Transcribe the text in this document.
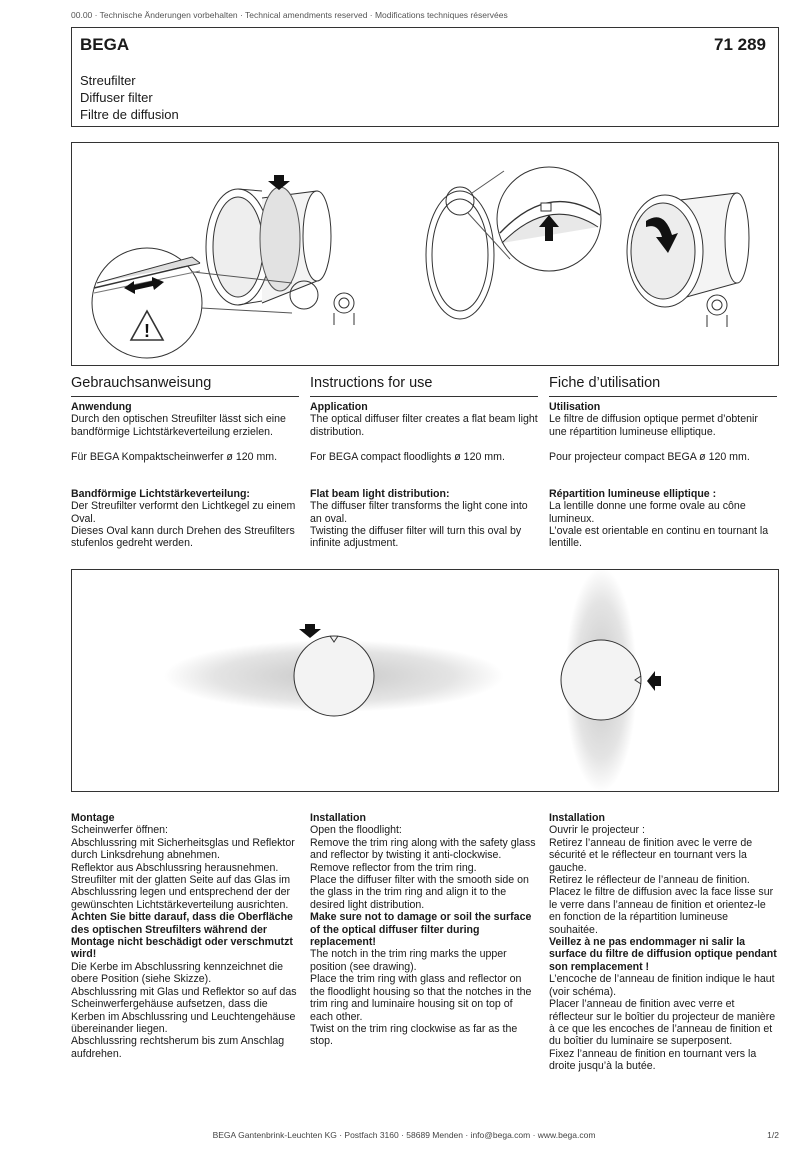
00.00 · Technische Änderungen vorbehalten · Technical amendments reserved · Modifications techniques réservées
BEGA	71 289
Streufilter
Diffuser filter
Filtre de diffusion
!
Gebrauchsanweisung
Anwendung

Durch den optischen Streufilter lässt sich eine bandförmige Lichtstärkeverteilung erzielen.

Für BEGA Kompaktscheinwerfer ø 120 mm.

Bandförmige Lichtstärkeverteilung:

Der Streufilter verformt den Lichtkegel zu einem Oval.

Dieses Oval kann durch Drehen des Streufilters stufenlos gedreht werden.

Instructions for use
Application

The optical diffuser filter creates a flat beam light distribution.

For BEGA compact floodlights ø 120 mm.

Flat beam light distribution:

The diffuser filter transforms the light cone into an oval.

Twisting the diffuser filter will turn this oval by infinite adjustment.

Fiche d’utilisation
Utilisation

Le filtre de diffusion optique permet d’obtenir une répartition lumineuse elliptique.

Pour projecteur compact BEGA ø 120 mm.

Répartition lumineuse elliptique :

La lentille donne une forme ovale au cône lumineux.

L’ovale est orientable en continu en tournant la lentille.

Montage

Scheinwerfer öffnen:

Abschlussring mit Sicherheitsglas und Reflektor durch Linksdrehung abnehmen.

Reflektor aus Abschlussring herausnehmen.

Streufilter mit der glatten Seite auf das Glas im Abschlussring legen und entsprechend der der gewünschten Lichtstärkeverteilung ausrichten.

Achten Sie bitte darauf, dass die Oberfläche des optischen Streufilters während der Montage nicht beschädigt oder verschmutzt wird!

Die Kerbe im Abschlussring kennzeichnet die obere Position (siehe Skizze).

Abschlussring mit Glas und Reflektor so auf das Scheinwerfergehäuse aufsetzen, dass die Kerben im Abschlussring und Leuchtengehäuse übereinander liegen.

Abschlussring rechtsherum bis zum Anschlag aufdrehen.

Installation

Open the floodlight:

Remove the trim ring along with the safety glass and reflector by twisting it anti-clockwise.

Remove reflector from the trim ring.

Place the diffuser filter with the smooth side on the glass in the trim ring and align it to the desired light distribution.

Make sure not to damage or soil the surface of the optical diffuser filter during replacement!

The notch in the trim ring marks the upper position (see drawing).

Place the trim ring with glass and reflector on the floodlight housing so that the notches in the trim ring and luminaire housing sit on top of each other.

Twist on the trim ring clockwise as far as the stop.

Installation

Ouvrir le projecteur :

Retirez l’anneau de finition avec le verre de sécurité et le réflecteur en tournant vers la gauche.

Retirez le réflecteur de l’anneau de finition.

Placez le filtre de diffusion avec la face lisse sur le verre dans l’anneau de finition et orientez-le en fonction de la répartition lumineuse souhaitée.

Veillez à ne pas endommager ni salir la surface du filtre de diffusion optique pendant son remplacement !

L’encoche de l’anneau de finition indique le haut (voir schéma).

Placer l’anneau de finition avec verre et réflecteur sur le boîtier du projecteur de manière à ce que les encoches de l’anneau de finition et du boîtier du luminaire se superposent.

Fixez l’anneau de finition en tournant vers la droite jusqu’à la butée.

BEGA Gantenbrink-Leuchten KG · Postfach 3160 · 58689 Menden · info@bega.com · www.bega.com	1/2
